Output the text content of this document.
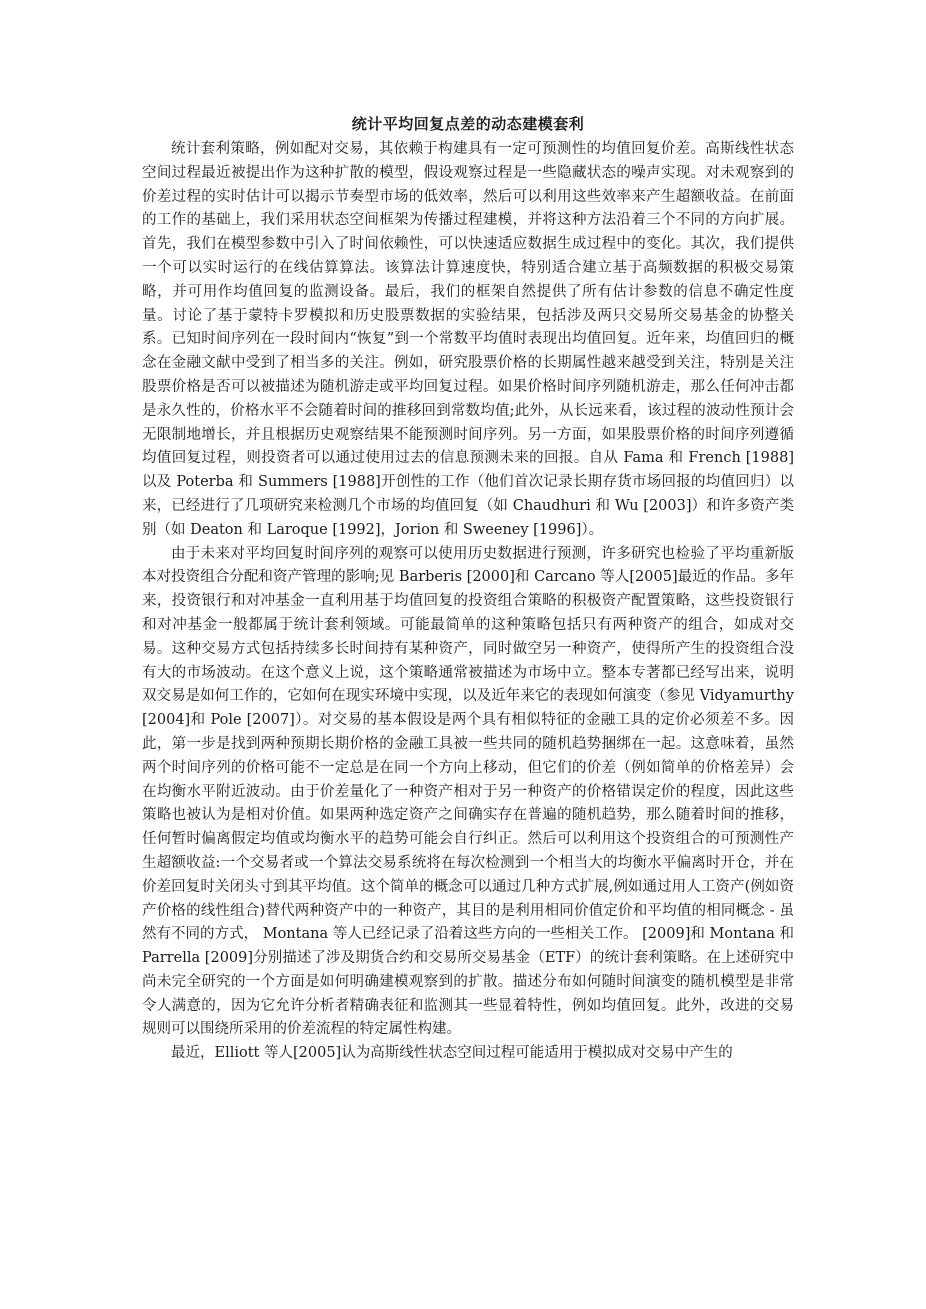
统计平均回复点差的动态建模套利

统计套利策略，例如配对交易，其依赖于构建具有一定可预测性的均值回复价差。高斯线性状态空间过程最近被提出作为这种扩散的模型，假设观察过程是一些隐藏状态的噪声实现。对未观察到的价差过程的实时估计可以揭示节奏型市场的低效率，然后可以利用这些效率来产生超额收益。在前面的工作的基础上，我们采用状态空间框架为传播过程建模，并将这种方法沿着三个不同的方向扩展。首先，我们在模型参数中引入了时间依赖性，可以快速适应数据生成过程中的变化。其次，我们提供一个可以实时运行的在线估算算法。该算法计算速度快，特别适合建立基于高频数据的积极交易策略，并可用作均值回复的监测设备。最后，我们的框架自然提供了所有估计参数的信息不确定性度量。讨论了基于蒙特卡罗模拟和历史股票数据的实验结果，包括涉及两只交易所交易基金的协整关系。已知时间序列在一段时间内“恢复”到一个常数平均值时表现出均值回复。近年来，均值回归的概念在金融文献中受到了相当多的关注。例如，研究股票价格的长期属性越来越受到关注，特别是关注股票价格是否可以被描述为随机游走或平均回复过程。如果价格时间序列随机游走，那么任何冲击都是永久性的，价格水平不会随着时间的推移回到常数均值;此外，从长远来看，该过程的波动性预计会无限制地增长，并且根据历史观察结果不能预测时间序列。另一方面，如果股票价格的时间序列遵循均值回复过程，则投资者可以通过使用过去的信息预测未来的回报。自从 Fama 和 French [1988]以及 Poterba 和 Summers [1988]开创性的工作（他们首次记录长期存货市场回报的均值回归）以来，已经进行了几项研究来检测几个市场的均值回复（如 Chaudhuri 和 Wu [2003]）和许多资产类别（如 Deaton 和 Laroque [1992]，Jorion 和 Sweeney [1996]）。

由于未来对平均回复时间序列的观察可以使用历史数据进行预测，许多研究也检验了平均重新版本对投资组合分配和资产管理的影响;见 Barberis [2000]和 Carcano 等人[2005]最近的作品。多年来，投资银行和对冲基金一直利用基于均值回复的投资组合策略的积极资产配置策略，这些投资银行和对冲基金一般都属于统计套利领域。可能最简单的这种策略包括只有两种资产的组合，如成对交易。这种交易方式包括持续多长时间持有某种资产，同时做空另一种资产，使得所产生的投资组合没有大的市场波动。在这个意义上说，这个策略通常被描述为市场中立。整本专著都已经写出来，说明双交易是如何工作的，它如何在现实环境中实现，以及近年来它的表现如何演变（参见 Vidyamurthy [2004]和 Pole [2007]）。对交易的基本假设是两个具有相似特征的金融工具的定价必须差不多。因此，第一步是找到两种预期长期价格的金融工具被一些共同的随机趋势捆绑在一起。这意味着，虽然两个时间序列的价格可能不一定总是在同一个方向上移动，但它们的价差（例如简单的价格差异）会在均衡水平附近波动。由于价差量化了一种资产相对于另一种资产的价格错误定价的程度，因此这些策略也被认为是相对价值。如果两种选定资产之间确实存在普遍的随机趋势，那么随着时间的推移，任何暂时偏离假定均值或均衡水平的趋势可能会自行纠正。然后可以利用这个投资组合的可预测性产生超额收益:一个交易者或一个算法交易系统将在每次检测到一个相当大的均衡水平偏离时开仓，并在价差回复时关闭头寸到其平均值。这个简单的概念可以通过几种方式扩展,例如通过用人工资产(例如资产价格的线性组合)替代两种资产中的一种资产，其目的是利用相同价值定价和平均值的相同概念 - 虽然有不同的方式， Montana 等人已经记录了沿着这些方向的一些相关工作。 [2009]和 Montana 和 Parrella [2009]分别描述了涉及期货合约和交易所交易基金（ETF）的统计套利策略。在上述研究中尚未完全研究的一个方面是如何明确建模观察到的扩散。描述分布如何随时间演变的随机模型是非常令人满意的，因为它允许分析者精确表征和监测其一些显着特性，例如均值回复。此外，改进的交易规则可以围绕所采用的价差流程的特定属性构建。

最近，Elliott 等人[2005]认为高斯线性状态空间过程可能适用于模拟成对交易中产生的
